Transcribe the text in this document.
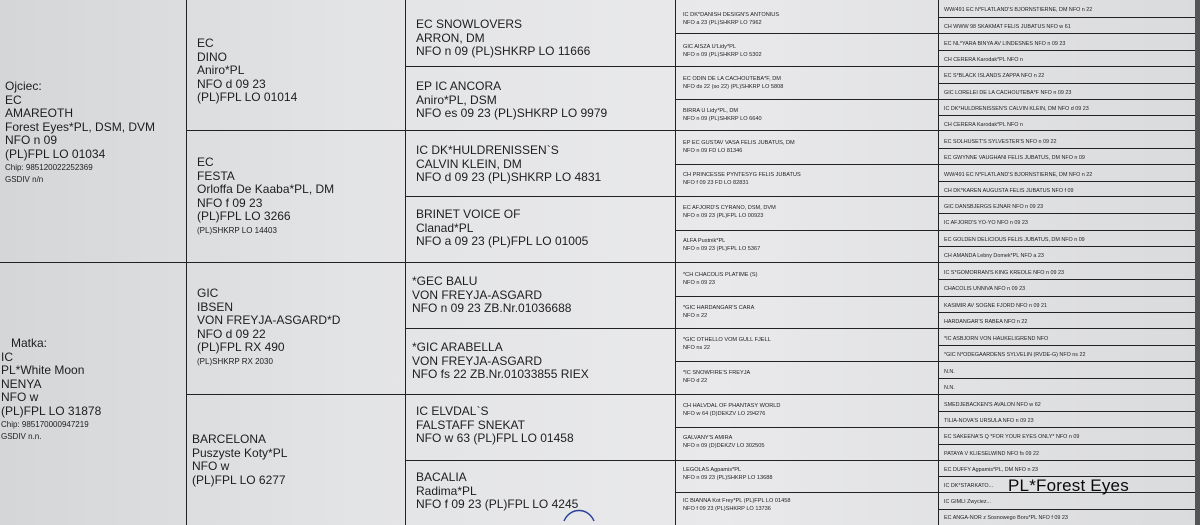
Ojciec:
EC
AMAREOTH
Forest Eyes*PL, DSM, DVM
NFO n 09
(PL)FPL LO 01034
Chip: 985120022252369
GSDIV n/n
Matka:
IC
PL*White Moon
NENYA
NFO w
(PL)FPL LO 31878
Chip: 985170000947219
GSDIV n.n.
EC
DINO
Aniro*PL
NFO d 09 23
(PL)FPL LO 01014
EC
FESTA
Orloffa De Kaaba*PL, DM
NFO f 09 23
(PL)FPL LO 3266
(PL)SHKRP LO 14403
GIC
IBSEN
VON FREYJA-ASGARD*D
NFO d 09 22
(PL)FPL RX 490
(PL)SHKRP RX 2030
BARCELONA
Puszyste Koty*PL
NFO w
(PL)FPL LO 6277
EC SNOWLOVERS
ARRON, DM
NFO n 09 (PL)SHKRP LO 11666
EP IC ANCORA
Aniro*PL, DSM
NFO es 09 23 (PL)SHKRP LO 9979
IC DK*HULDRENISSEN`S
CALVIN KLEIN, DM
NFO d 09 23 (PL)SHKRP LO 4831
BRINET VOICE OF
Clanad*PL
NFO a 09 23 (PL)FPL LO 01005
*GEC BALU
VON FREYJA-ASGARD
NFO n 09 23 ZB.Nr.01036688
*GIC ARABELLA
VON FREYJA-ASGARD
NFO fs 22 ZB.Nr.01033855 RIEX
IC ELVDAL`S
FALSTAFF SNEKAT
NFO w 63 (PL)FPL LO 01458
BACALIA
Radima*PL
NFO f 09 23 (PL)FPL LO 4245
IC DK*DANISH DESIGN'S ANTONIUS
NFO a 23 (PL)SHKRP LO 7962
GIC AISZA U'Lidy*PL
NFO n 09 (PL)SHKRP LO 5302
EC ODIN DE LA CACHOUTEBA*F, DM
NFO ds 22 (so 22) (PL)SHKRP LO 5808
BIRRA U Lidy*PL, DM
NFO n 09 (PL)SHKRP LO 6640
EP EC GUSTAV VASA FELIS JUBATUS, DM
NFO n 09 FD LO 81346
CH PRINCESSE PYNTESYG FELIS JUBATUS
NFO f 09 23 FD LO 82831
EC AFJORD'S CYRANO, DSM, DVM
NFO n 09 23 (PL)FPL LO 00923
ALFA Pustnik*PL
NFO n 09 23 (PL)FPL LO 5367
*CH CHACOLIS PLATIME (S)
NFO n 09 23
*GIC HARDANGAR'S CARA
NFO n 22
*GIC OTHELLO VOM GULL FJELL
NFO ns 22
*IC SNOWFIRE'S FREYJA
NFO d 22
CH HALVDAL OF PHANTASY WORLD
NFO w 64 (D)DEKZV LO 294276
GALVANY'S AMIRA
NFO n 09 (D)DEKZV LO 302505
LEGOLAS Agpamis*PL
NFO n 09 23 (PL)SHKRP LO 13688
IC BIANNA Kot Frey*PL (PL)FPL LO 01458
NFO f 09 23 (PL)SHKRP LO 13736
WW/491 EC N*FLATLAND'S BJORNSTIERNE, DM NFO n 22
CH WWW 98 SKAKMAT FELIS JUBATUS NFO w 61
EC NL*YARA BINYA AV LINDESNES NFO n 09 23
CH CERERA Karodak*PL NFO n
EC S*BLACK ISLANDS ZAPPA NFO n 22
GIC LORELEI DE LA CACHOUTEBA*F NFO n 09 23
IC DK*HULDRENISSEN'S CALVIN KLEIN, DM NFO d 09 23
CH CERERA Karodak*PL NFO n
EC SOLHUSET'S SYLVESTER'S NFO n 09 22
EC GWYNNE VAUGHANI FELIS JUBATUS, DM NFO n 09
WW/491 EC N*FLATLAND'S BJORNSTIERNE, DM NFO n 22
CH DK*KAREN AUGUSTA FELIS JUBATUS NFO f 09
GIC DANSBJERGS EJNAR NFO n 09 23
IC AFJORD'S YO-YO NFO n 09 23
EC GOLDEN DELICIOUS FELIS JUBATUS, DM NFO n 09
CH AMANDA Lebny Domek*PL NFO a 23
IC S*GOMORRAN'S KING KREOLE NFO n 09 23
CHACOLIS UNNIVA NFO n 09 23
KASIMIR AV SOGNE FJORD NFO n 09 21
HARDANGAR'S RABEA NFO n 22
*IC ASBJORN VON HAUKELIGREND NFO
*GIC N*ODEGAARDENS SYLVELIN (RVDE-G) NFO ns 22
N.N.
N.N.
SMEDJEBACKEN'S AVALON NFO w 62
TILIA-NOVA'S URSULA NFO n 09 23
EC SAKEENA'S Q *FOR YOUR EYES ONLY* NFO n 09
PATAYA V KLIESELWIND NFO fs 09 22
EC DUFFY Agpamis*PL, DM NFO n 23
IC DK*STARKATO...
IC GIMLI Zwyciez...
EC ANGA-NOR z Sosnowego Boru*PL NFO f 09 23
PL*Forest Eyes
